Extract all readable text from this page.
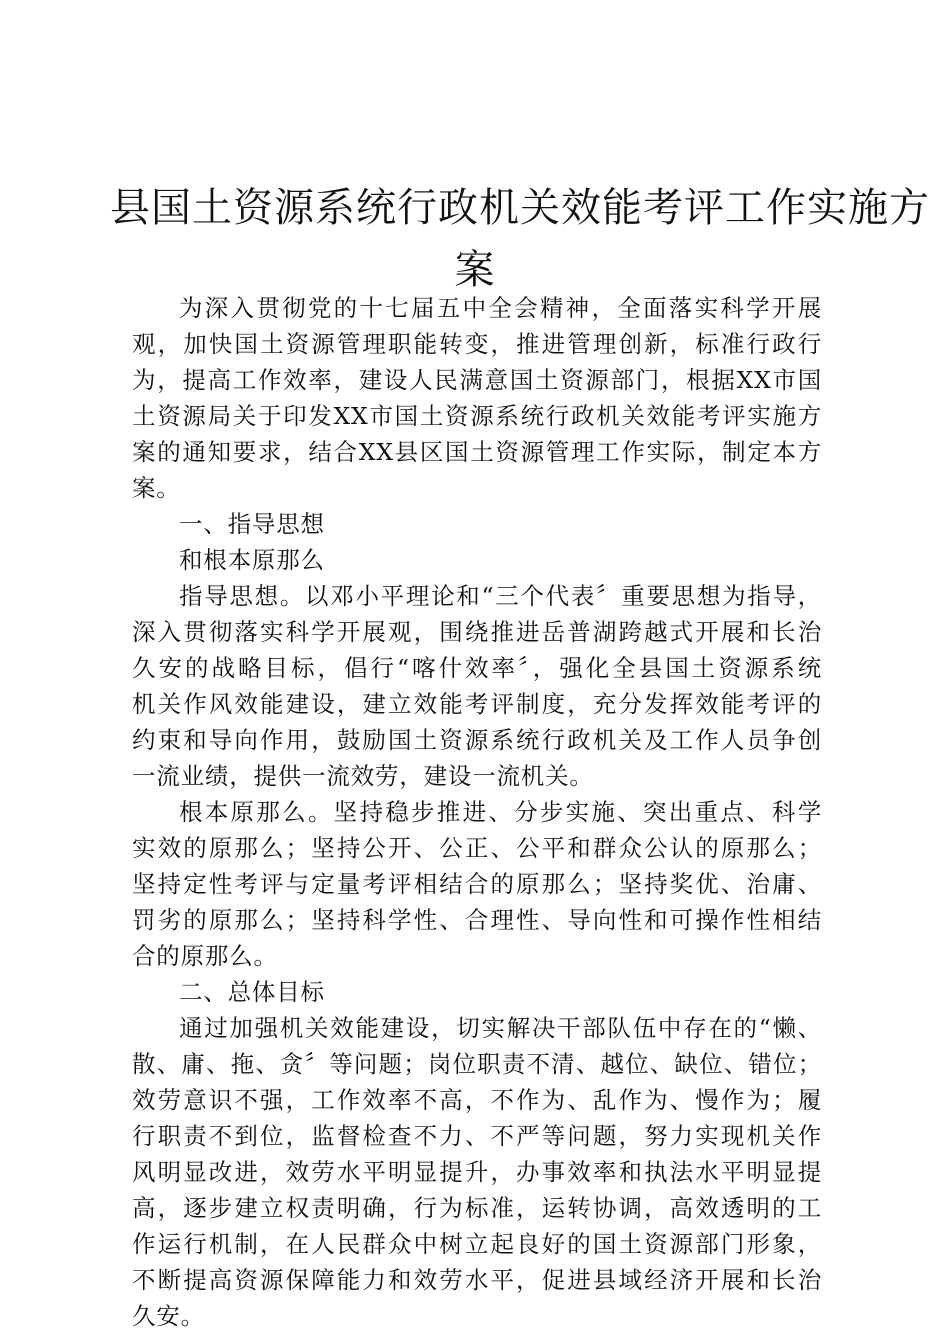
县国土资源系统行政机关效能考评工作实施方
案
为深入贯彻党的十七届五中全会精神，全面落实科学开展
观，加快国土资源管理职能转变，推进管理创新，标准行政行
为，提高工作效率，建设人民满意国土资源部门，根据XX市国
土资源局关于印发XX市国土资源系统行政机关效能考评实施方
案的通知要求，结合XX县区国土资源管理工作实际，制定本方
案。
一、指导思想
和根本原那么
指导思想。以邓小平理论和“三个代表〞重要思想为指导，
深入贯彻落实科学开展观，围绕推进岳普湖跨越式开展和长治
久安的战略目标，倡行“喀什效率〞，强化全县国土资源系统
机关作风效能建设，建立效能考评制度，充分发挥效能考评的
约束和导向作用，鼓励国土资源系统行政机关及工作人员争创
一流业绩，提供一流效劳，建设一流机关。
根本原那么。坚持稳步推进、分步实施、突出重点、科学
实效的原那么；坚持公开、公正、公平和群众公认的原那么；
坚持定性考评与定量考评相结合的原那么；坚持奖优、治庸、
罚劣的原那么；坚持科学性、合理性、导向性和可操作性相结
合的原那么。
二、总体目标
通过加强机关效能建设，切实解决干部队伍中存在的“懒、
散、庸、拖、贪〞等问题；岗位职责不清、越位、缺位、错位；
效劳意识不强，工作效率不高，不作为、乱作为、慢作为；履
行职责不到位，监督检查不力、不严等问题，努力实现机关作
风明显改进，效劳水平明显提升，办事效率和执法水平明显提
高，逐步建立权责明确，行为标准，运转协调，高效透明的工
作运行机制，在人民群众中树立起良好的国土资源部门形象，
不断提高资源保障能力和效劳水平，促进县域经济开展和长治
久安。
